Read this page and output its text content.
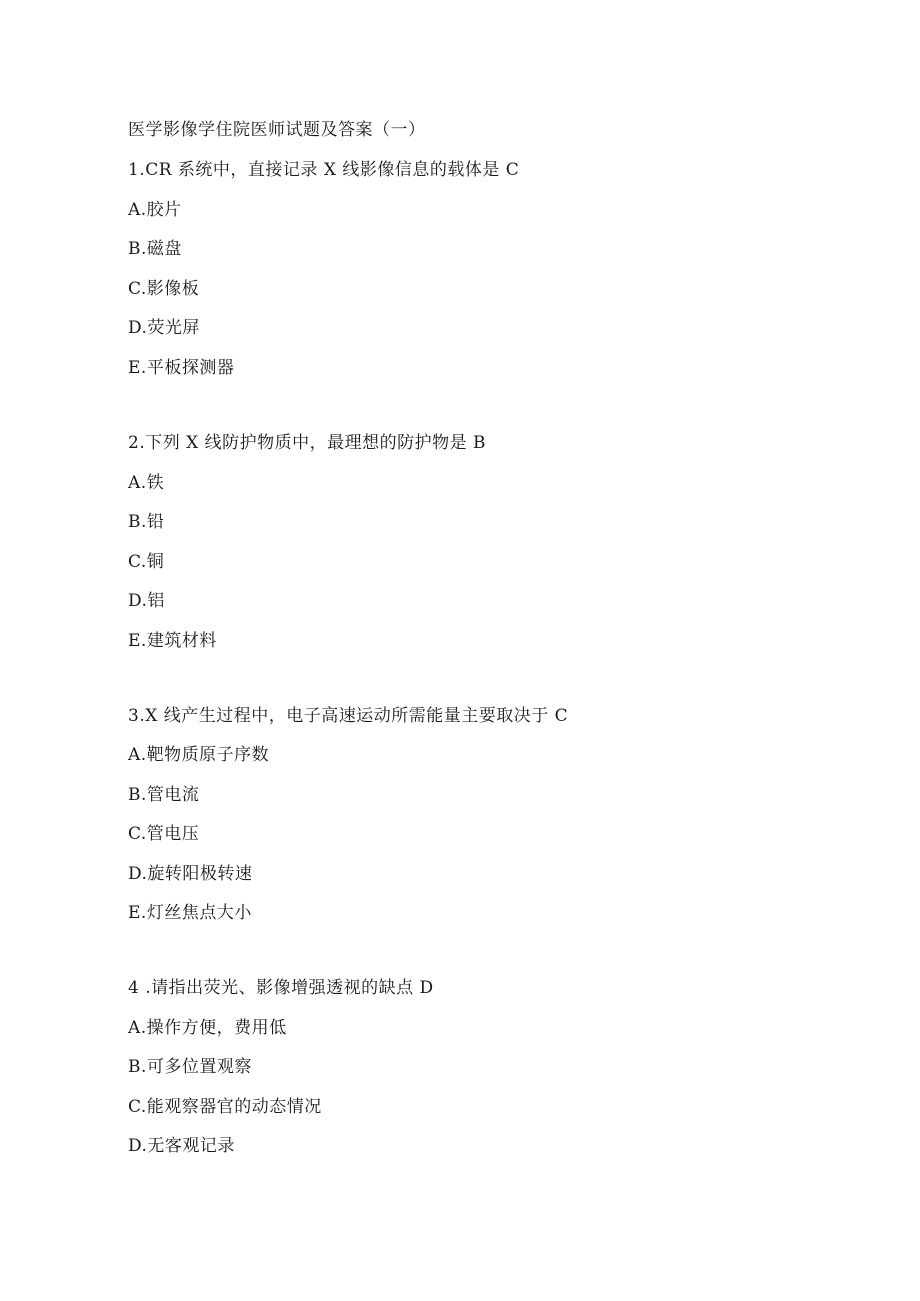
医学影像学住院医师试题及答案（一）
1.CR 系统中，直接记录 X 线影像信息的载体是 C
A.胶片
B.磁盘
C.影像板
D.荧光屏
E.平板探测器
2.下列 X 线防护物质中，最理想的防护物是 B
A.铁
B.铅
C.铜
D.铝
E.建筑材料
3.X 线产生过程中，电子高速运动所需能量主要取决于 C
A.靶物质原子序数
B.管电流
C.管电压
D.旋转阳极转速
E.灯丝焦点大小
4 .请指出荧光、影像增强透视的缺点 D
A.操作方便，费用低
B.可多位置观察
C.能观察器官的动态情况
D.无客观记录
